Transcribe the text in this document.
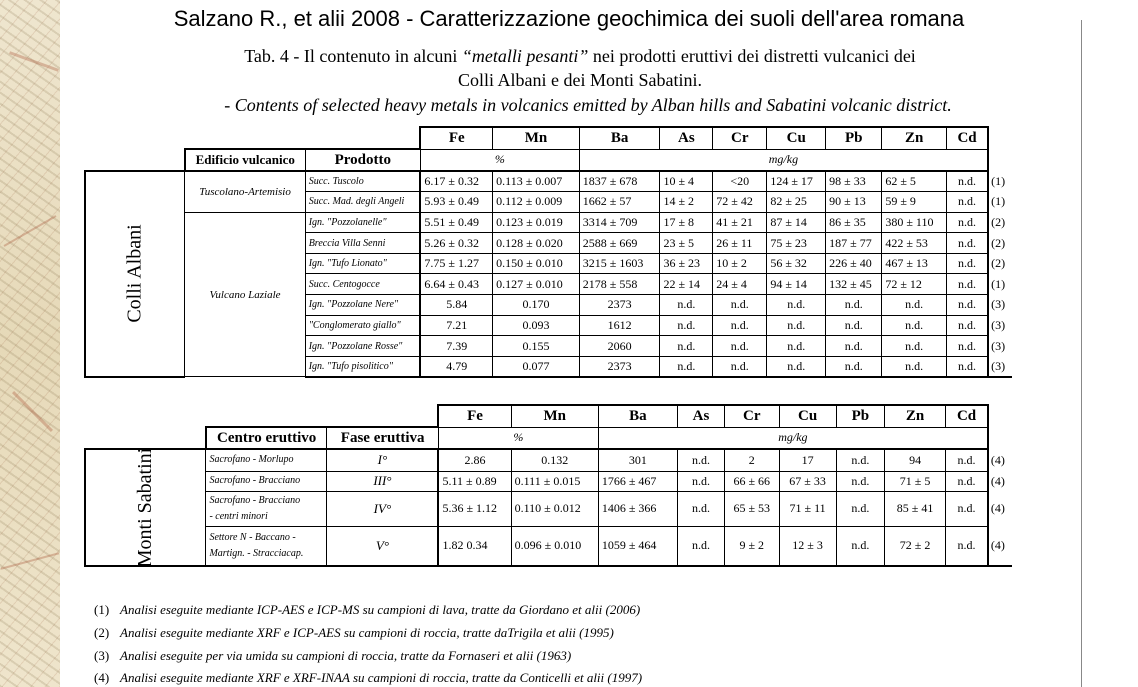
Salzano R., et alii 2008 - Caratterizzazione geochimica dei suoli dell'area romana
Tab. 4 - Il contenuto in alcuni “metalli pesanti” nei prodotti eruttivi dei distretti vulcanici dei
Colli Albani e dei Monti Sabatini.
- Contents of selected heavy metals in volcanics emitted by Alban hills and Sabatini volcanic district.
			Fe	Mn	Ba	As	Cr	Cu	Pb	Zn	Cd	
	Edificio vulcanico	Prodotto	%		mg/kg							
Colli Albani	Tuscolano-Artemisio	Succ. Tuscolo	6.17 ± 0.32	0.113 ± 0.007	1837 ± 678	10 ± 4	<20	124 ± 17	98 ± 33	62 ± 5	n.d.	(1)
		Succ. Mad. degli Angeli	5.93 ± 0.49	0.112 ± 0.009	1662 ± 57	14 ± 2	72 ± 42	82 ± 25	90 ± 13	59 ± 9	n.d.	(1)
	Vulcano Laziale	Ign. "Pozzolanelle"	5.51 ± 0.49	0.123 ± 0.019	3314 ± 709	17 ± 8	41 ± 21	87 ± 14	86 ± 35	380 ± 110	n.d.	(2)
		Breccia Villa Senni	5.26 ± 0.32	0.128 ± 0.020	2588 ± 669	23 ± 5	26 ± 11	75 ± 23	187 ± 77	422 ± 53	n.d.	(2)
		Ign. "Tufo Lionato"	7.75 ± 1.27	0.150 ± 0.010	3215 ± 1603	36 ± 23	10 ± 2	56 ± 32	226 ± 40	467 ± 13	n.d.	(2)
		Succ. Centogocce	6.64 ± 0.43	0.127 ± 0.010	2178 ± 558	22 ± 14	24 ± 4	94 ± 14	132 ± 45	72 ± 12	n.d.	(1)
		Ign. "Pozzolane Nere"	5.84	0.170	2373	n.d.	n.d.	n.d.	n.d.	n.d.	n.d.	(3)
		"Conglomerato giallo"	7.21	0.093	1612	n.d.	n.d.	n.d.	n.d.	n.d.	n.d.	(3)
		Ign. "Pozzolane Rosse"	7.39	0.155	2060	n.d.	n.d.	n.d.	n.d.	n.d.	n.d.	(3)
		Ign. "Tufo pisolitico"	4.79	0.077	2373	n.d.	n.d.	n.d.	n.d.	n.d.	n.d.	(3)
			Fe	Mn	Ba	As	Cr	Cu	Pb	Zn	Cd	
	Centro eruttivo	Fase eruttiva	%		mg/kg							
Monti Sabatini	Sacrofano - Morlupo	I°	2.86	0.132	301	n.d.	2	17	n.d.	94	n.d.	(4)

	Sacrofano - Bracciano	III°	5.11 ± 0.89	0.111 ± 0.015	1766 ± 467	n.d.	66 ± 66	67 ± 33	n.d.	71 ± 5	n.d.	(4)

	Sacrofano - Bracciano
- centri minori	IV°	5.36 ± 1.12	0.110 ± 0.012	1406 ± 366	n.d.	65 ± 53	71 ± 11	n.d.	85 ± 41	n.d.	(4)

	Settore N - Baccano -
Martign. - Stracciacap.	V°	1.82 0.34	0.096 ± 0.010	1059 ± 464	n.d.	9 ± 2	12 ± 3	n.d.	72 ± 2	n.d.	(4)
(1) Analisi eseguite mediante ICP-AES e ICP-MS su campioni di lava, tratte da Giordano et alii (2006)
(2) Analisi eseguite mediante XRF e ICP-AES su campioni di roccia, tratte daTrigila et alii (1995)
(3) Analisi eseguite per via umida su campioni di roccia, tratte da Fornaseri et alii (1963)
(4) Analisi eseguite mediante XRF e XRF-INAA su campioni di roccia, tratte da Conticelli et alii (1997)
